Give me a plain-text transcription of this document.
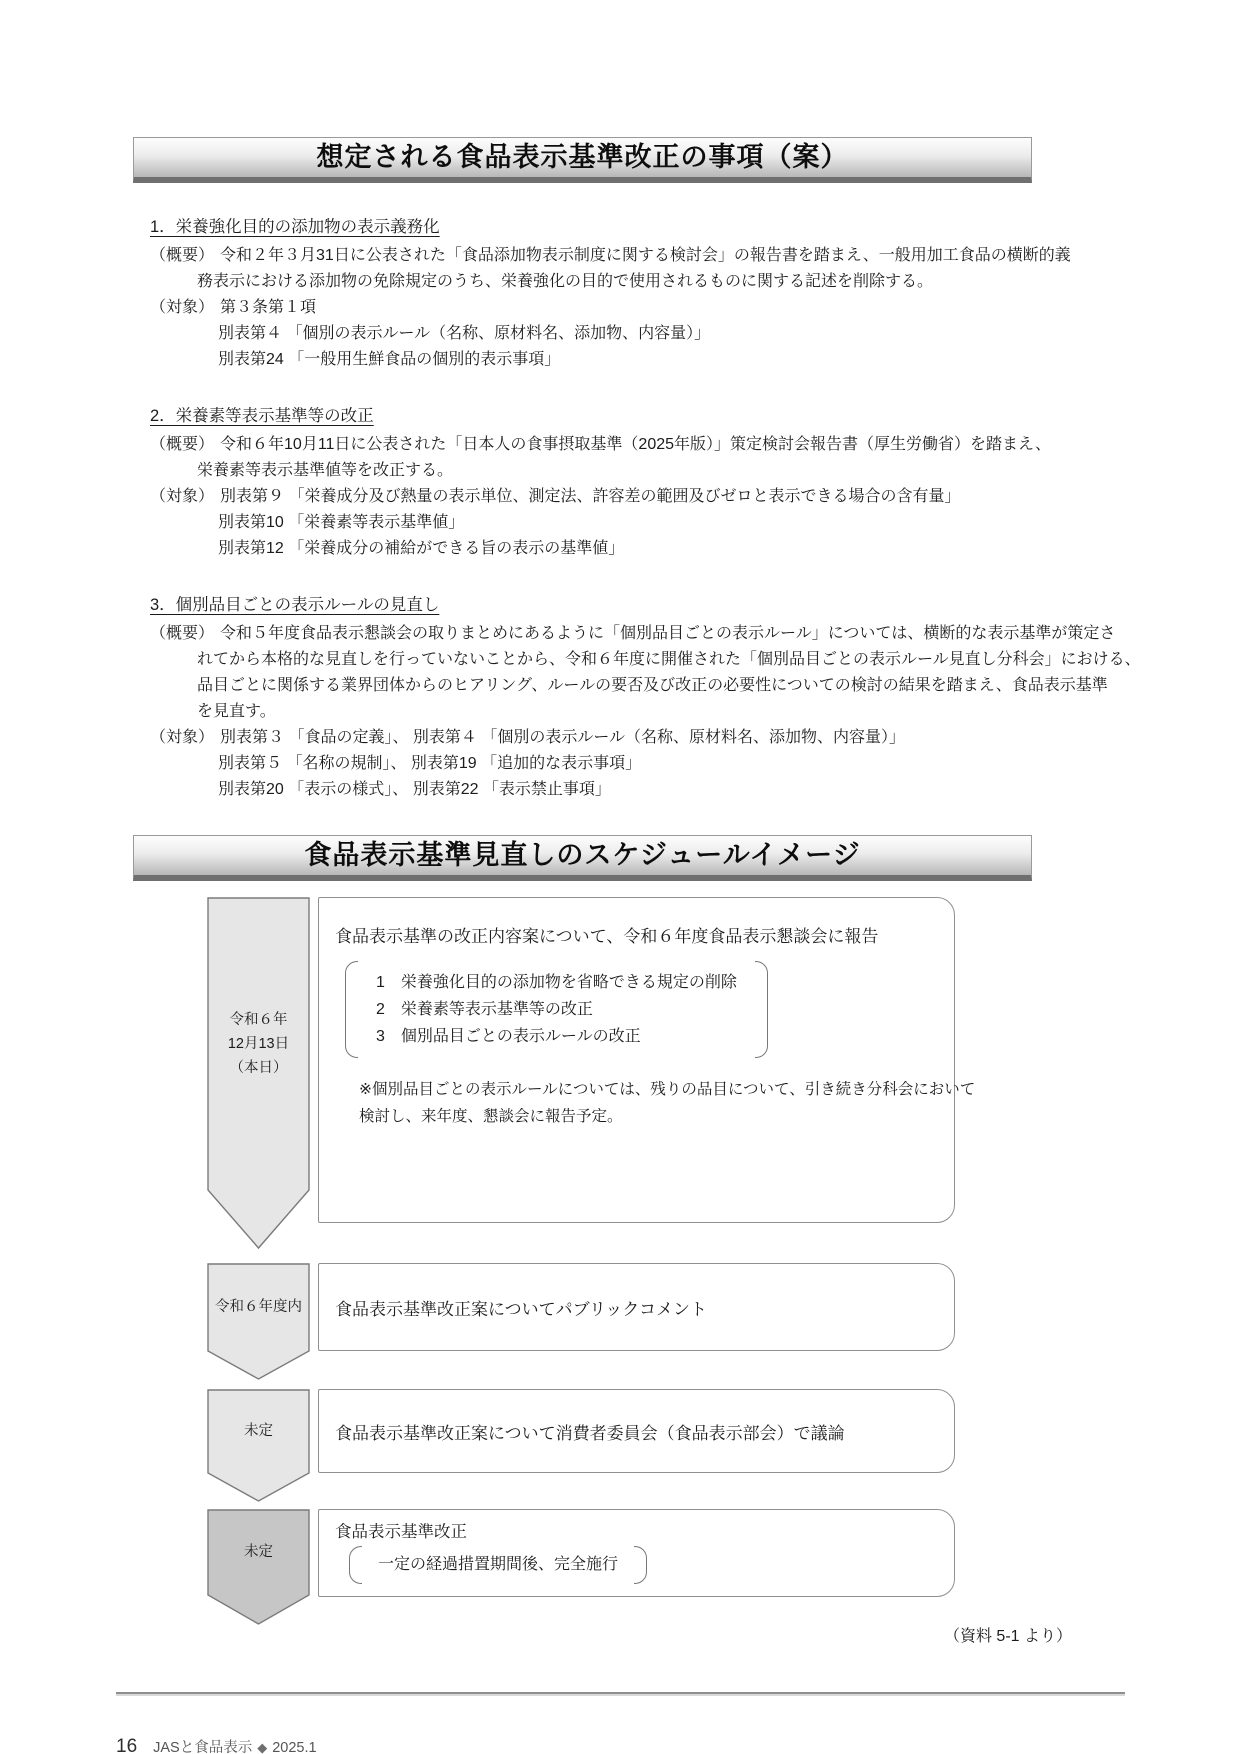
想定される食品表示基準改正の事項（案）
1．栄養強化目的の添加物の表示義務化
（概要） 令和２年３月31日に公表された「食品添加物表示制度に関する検討会」の報告書を踏まえ、一般用加工食品の横断的義
務表示における添加物の免除規定のうち、栄養強化の目的で使用されるものに関する記述を削除する。
（対象） 第３条第１項
別表第４ 「個別の表示ルール（名称、原材料名、添加物、内容量）」
別表第24 「一般用生鮮食品の個別的表示事項」
2．栄養素等表示基準等の改正
（概要） 令和６年10月11日に公表された「日本人の食事摂取基準（2025年版）」策定検討会報告書（厚生労働省）を踏まえ、
栄養素等表示基準値等を改正する。
（対象） 別表第９ 「栄養成分及び熱量の表示単位、測定法、許容差の範囲及びゼロと表示できる場合の含有量」
別表第10 「栄養素等表示基準値」
別表第12 「栄養成分の補給ができる旨の表示の基準値」
3．個別品目ごとの表示ルールの見直し
（概要） 令和５年度食品表示懇談会の取りまとめにあるように「個別品目ごとの表示ルール」については、横断的な表示基準が策定さ
れてから本格的な見直しを行っていないことから、令和６年度に開催された「個別品目ごとの表示ルール見直し分科会」における、
品目ごとに関係する業界団体からのヒアリング、ルールの要否及び改正の必要性についての検討の結果を踏まえ、食品表示基準
を見直す。
（対象） 別表第３ 「食品の定義」、 別表第４ 「個別の表示ルール（名称、原材料名、添加物、内容量）」
別表第５ 「名称の規制」、 別表第19 「追加的な表示事項」
別表第20 「表示の様式」、 別表第22 「表示禁止事項」
食品表示基準見直しのスケジュールイメージ
令和６年
12月13日
（本日）
食品表示基準の改正内容案について、令和６年度食品表示懇談会に報告
1　栄養強化目的の添加物を省略できる規定の削除
2　栄養素等表示基準等の改正
3　個別品目ごとの表示ルールの改正
※個別品目ごとの表示ルールについては、残りの品目について、引き続き分科会において
検討し、来年度、懇談会に報告予定。
令和６年度内 食品表示基準改正案についてパブリックコメント
未定	食品表示基準改正案について消費者委員会（食品表示部会）で議論
未定
食品表示基準改正
一定の経過措置期間後、完全施行
（資料 5-1 より）
16 JASと食品表示 ◆ 2025.1
